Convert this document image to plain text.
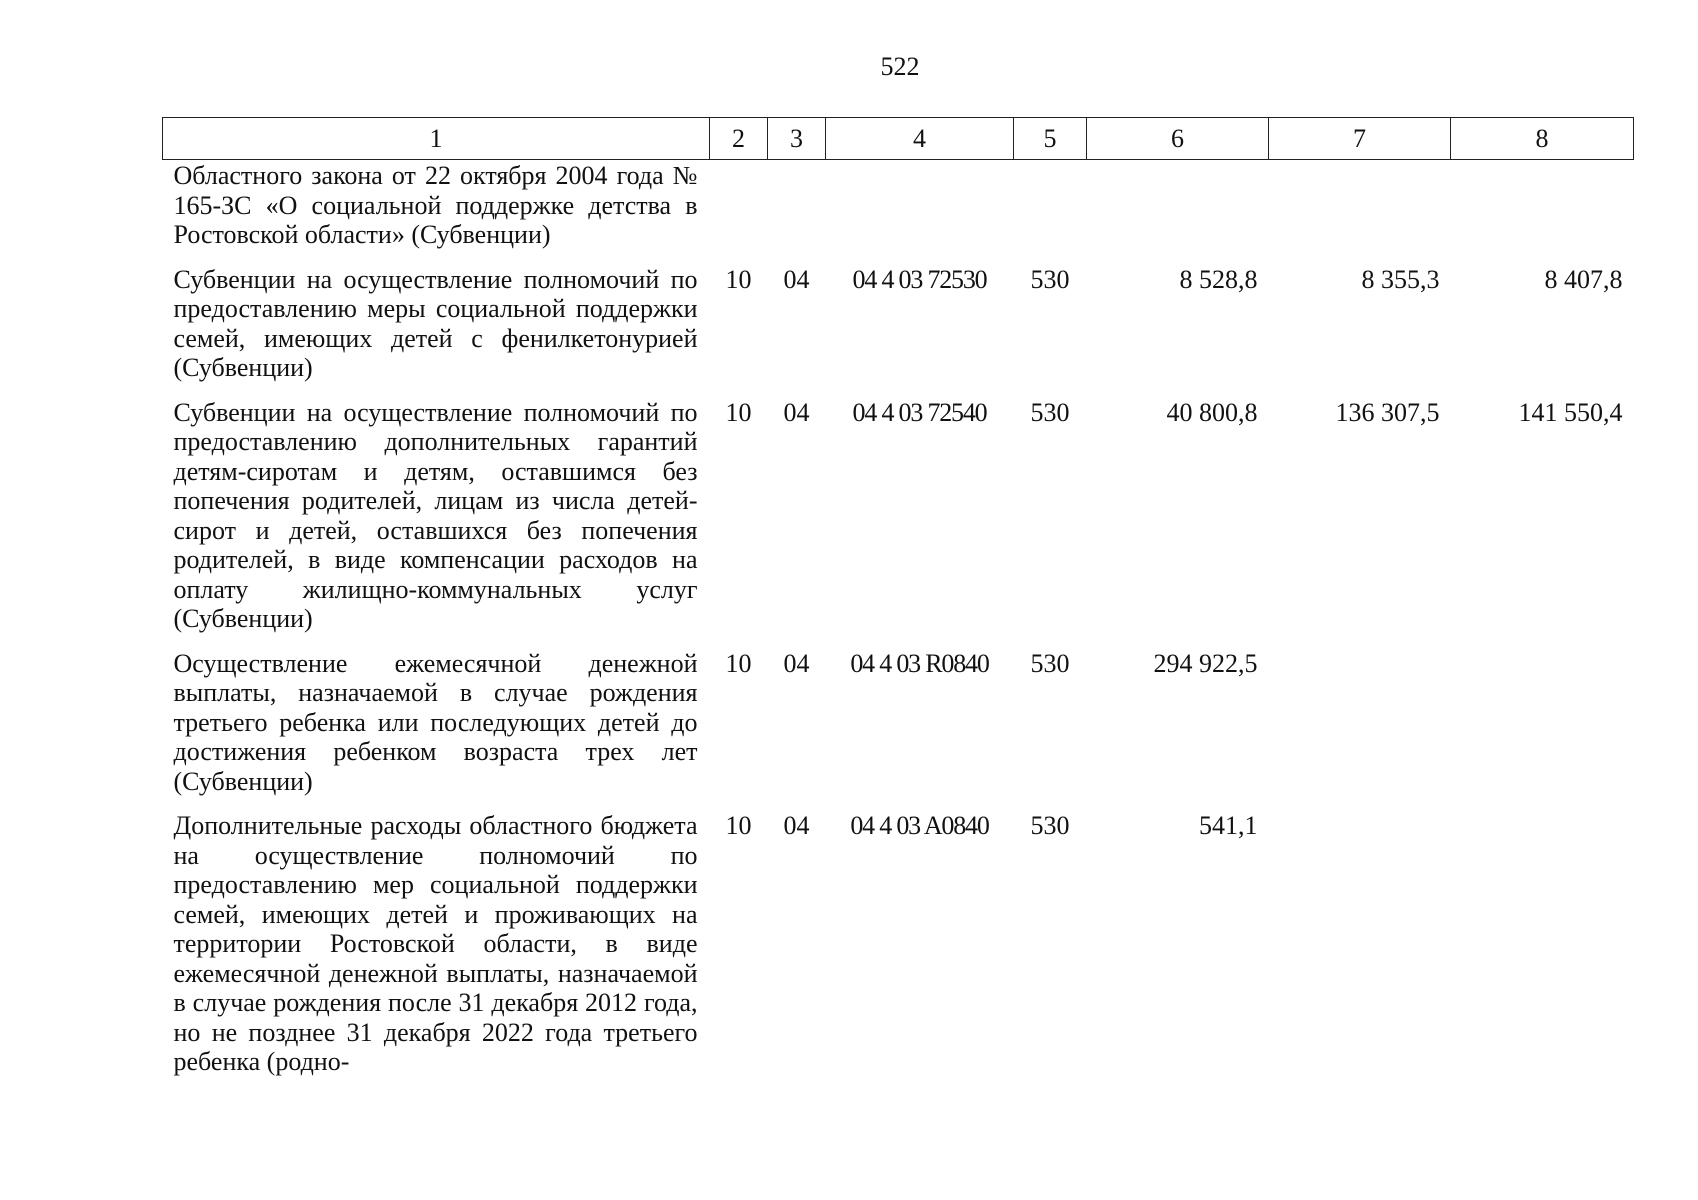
522
1	2	3	4	5	6	7	8
Областного закона от 22 октября 2004 года № 165-ЗС «О социальной поддержке детства в Ростовской области» (Субвенции)							
Субвенции на осуществление полномочий по предоставлению меры социальной поддержки семей, имеющих детей с фенилкетонурией (Субвенции)	10	04	04 4 03 72530	530	8 528,8	8 355,3	8 407,8
Субвенции на осуществление полномочий по предоставлению дополнительных гарантий детям-сиротам и детям, оставшимся без попечения родителей, лицам из числа детей-сирот и детей, оставшихся без попечения родителей, в виде компенсации расходов на оплату жилищно-коммунальных услуг (Субвенции)	10	04	04 4 03 72540	530	40 800,8	136 307,5	141 550,4
Осуществление ежемесячной денежной выплаты, назначаемой в случае рождения третьего ребенка или последующих детей до достижения ребенком возраста трех лет (Субвенции)	10	04	04 4 03 R0840	530	294 922,5		
Дополнительные расходы областного бюджета на осуществление полномочий по предоставлению мер социальной поддержки семей, имеющих детей и проживающих на территории Ростовской области, в виде ежемесячной денежной выплаты, назначаемой в случае рождения после 31 декабря 2012 года, но не позднее 31 декабря 2022 года третьего ребенка (родно-	10	04	04 4 03 A0840	530	541,1		
